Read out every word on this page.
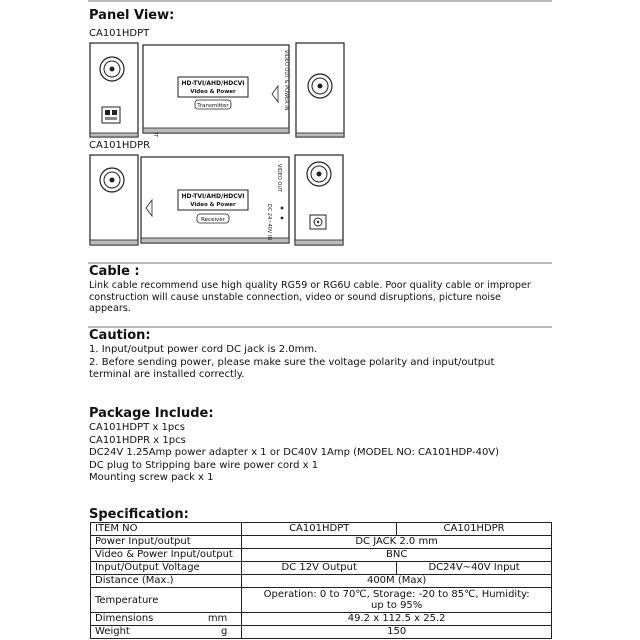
Panel View:
CA101HDPT
HD-TVI/AHD/HDCVI
Video & Power
Transmitter	VIDEO OUT & POWER IN
CA101HDPR
HD-TVI/AHD/HDCVI
Video & Power
Receiver
VIDEO OUT
DC 24~40V IN
Cable :
Link cable recommend use high quality RG59 or RG6U cable. Poor quality cable or improper
construction will cause unstable connection, video or sound disruptions, picture noise
appears.
Caution:
1. Input/output power cord DC jack is 2.0mm.
2. Before sending power, please make sure the voltage polarity and input/output
terminal are installed correctly.
Package Include:
CA101HDPT x 1pcs
CA101HDPR x 1pcs
DC24V 1.25Amp power adapter x 1 or DC40V 1Amp (MODEL NO: CA101HDP-40V)
DC plug to Stripping bare wire power cord x 1
Mounting screw pack x 1
Specification:
ITEM NO	CA101HDPT	CA101HDPR
Power Input/output	DC JACK 2.0 mm	
Video & Power Input/output	BNC	
Input/Output Voltage	DC 12V Output	DC24V∼40V Input
Distance (Max.)	400M (Max)	
Temperature	Operation: 0 to 70℃, Storage: -20 to 85℃, Humidity:
up to 95%	

Dimensions mm	49.2 x 112.5 x 25.2	
Weight g	150	
